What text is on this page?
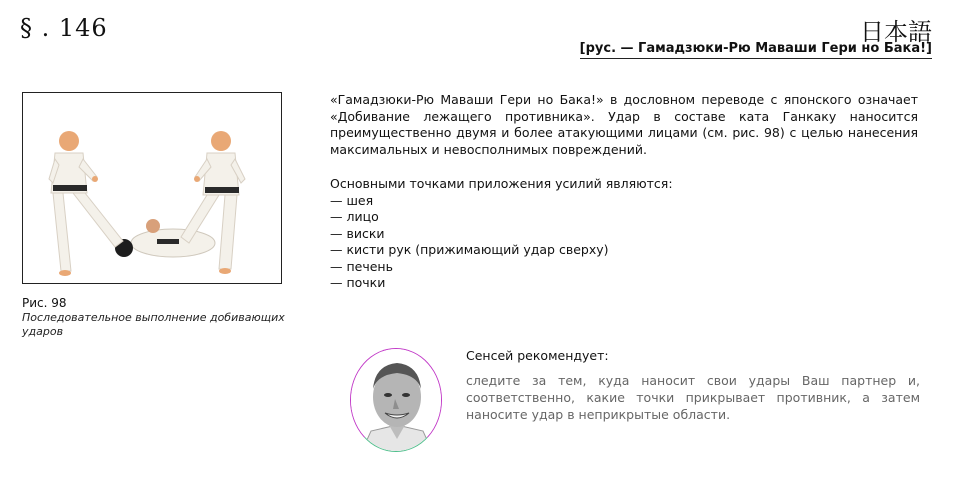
§ . 146	日本語
[рус. — Гамадзюки-Рю Маваши Гери но Бака!]
Рис. 98
Последовательное выполнение добивающих ударов

«Гамадзюки-Рю Маваши Гери но Бака!» в дословном переводе с японского означает «Добивание лежащего противника». Удар в составе ката Ганкаку наносится преимущественно двумя и более атакующими лицами (см. рис. 98) с целью нанесения максимальных и невосполнимых повреждений.

Основными точками приложения усилий являются:

— шея
— лицо
— виски
— кисти рук (прижимающий удар сверху)
— печень
— почки
Сенсей рекомендует:
следите за тем, куда наносит свои удары Ваш партнер и, соответственно, какие точки прикрывает противник, а затем наносите удар в неприкрытые области.
